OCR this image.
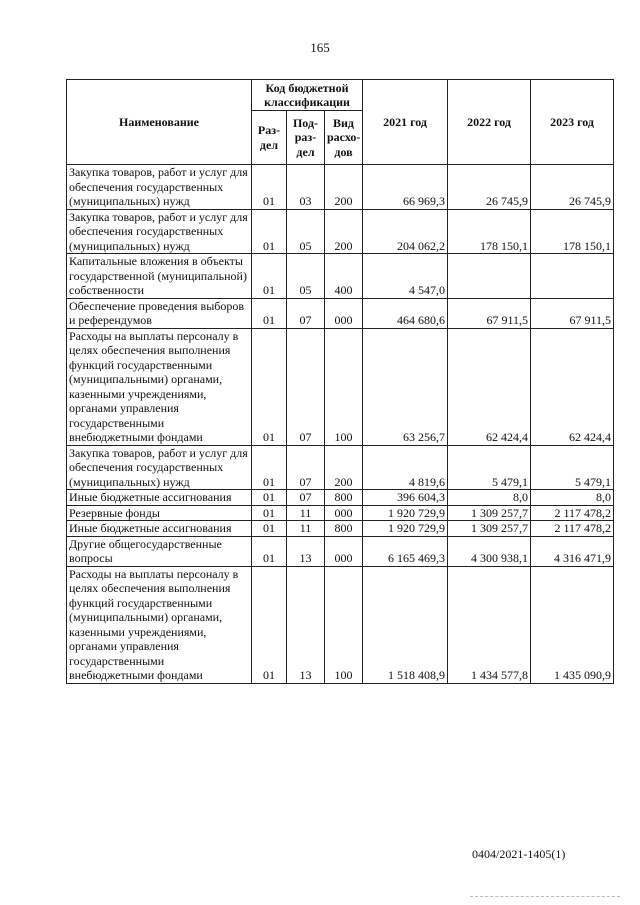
165
Наименование	Код бюджетной классификации			2021 год	2022 год	2023 год
	Раз-дел	Под-раз-дел	Вид расхо-дов			
Закупка товаров, работ и услуг для обеспечения государственных (муниципальных) нужд	01	03	200	66 969,3	26 745,9	26 745,9
Закупка товаров, работ и услуг для обеспечения государственных (муниципальных) нужд	01	05	200	204 062,2	178 150,1	178 150,1
Капитальные вложения в объекты государственной (муниципальной) собственности	01	05	400	4 547,0		
Обеспечение проведения выборов и референдумов	01	07	000	464 680,6	67 911,5	67 911,5
Расходы на выплаты персоналу в целях обеспечения выполнения функций государственными (муниципальными) органами, казенными учреждениями, органами управления государственными внебюджетными фондами	01	07	100	63 256,7	62 424,4	62 424,4
Закупка товаров, работ и услуг для обеспечения государственных (муниципальных) нужд	01	07	200	4 819,6	5 479,1	5 479,1
Иные бюджетные ассигнования	01	07	800	396 604,3	8,0	8,0
Резервные фонды	01	11	000	1 920 729,9	1 309 257,7	2 117 478,2
Иные бюджетные ассигнования	01	11	800	1 920 729,9	1 309 257,7	2 117 478,2
Другие общегосударственные вопросы	01	13	000	6 165 469,3	4 300 938,1	4 316 471,9
Расходы на выплаты персоналу в целях обеспечения выполнения функций государственными (муниципальными) органами, казенными учреждениями, органами управления государственными внебюджетными фондами	01	13	100	1 518 408,9	1 434 577,8	1 435 090,9
0404/2021-1405(1)
